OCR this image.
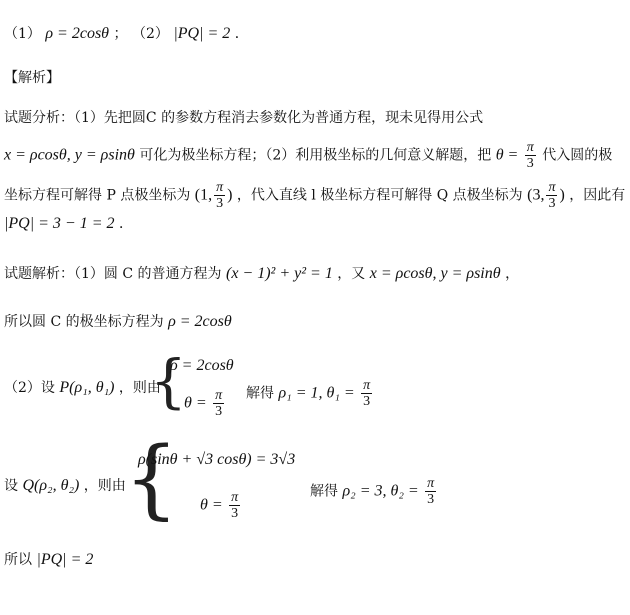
（1） ρ = 2cosθ ； （2） |PQ| = 2 ．
【解析】
试题分析：（1）先把圆C 的参数方程消去参数化为普通方程，现未见得用公式
x = ρcosθ, y = ρsinθ 可化为极坐标方程；（2）利用极坐标的几何意义解题，把 $\theta = \frac{\pi}{3}$ 代入圆的极
坐标方程可解得 P 点极坐标为 (1, $\frac{\pi}{3}$ ) ，代入直线 l 极坐标方程可解得 Q 点极坐标为 (3, $\frac{\pi}{3}$ ) ，因此有
|PQ| = 3 − 1 = 2 ．
试题解析：（1）圆 C 的普通方程为 (x − 1)² + y² = 1 ，又 x = ρcosθ, y = ρsinθ ，
所以圆 C 的极坐标方程为 ρ = 2cosθ
（2）设 P(ρ₁, θ₁) ，则由
{
ρ = 2cosθ
$\theta = \frac{\pi}{3}$ 解得 ρ₁ = 1, $\theta_1 = \frac{\pi}{3}$
设 Q(ρ₂, θ₂) ，则由
{
ρ(sinθ + √3 cosθ) = 3√3
$\theta = \frac{\pi}{3}$	解得 ρ₂ = 3, $\theta_2 = \frac{\pi}{3}$
所以 |PQ| = 2
